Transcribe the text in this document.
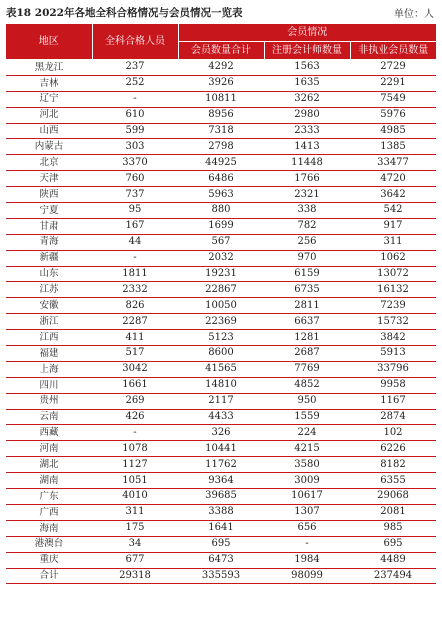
表18 2022年各地全科合格情况与会员情况一览表	单位：人
地区	全科合格人员	会员情况		
		会员数量合计	注册会计师数量	非执业会员数量
黑龙江	237	4292	1563	2729
吉林	252	3926	1635	2291
辽宁	-	10811	3262	7549
河北	610	8956	2980	5976
山西	599	7318	2333	4985
内蒙古	303	2798	1413	1385
北京	3370	44925	11448	33477
天津	760	6486	1766	4720
陕西	737	5963	2321	3642
宁夏	95	880	338	542
甘肃	167	1699	782	917
青海	44	567	256	311
新疆	-	2032	970	1062
山东	1811	19231	6159	13072
江苏	2332	22867	6735	16132
安徽	826	10050	2811	7239
浙江	2287	22369	6637	15732
江西	411	5123	1281	3842
福建	517	8600	2687	5913
上海	3042	41565	7769	33796
四川	1661	14810	4852	9958
贵州	269	2117	950	1167
云南	426	4433	1559	2874
西藏	-	326	224	102
河南	1078	10441	4215	6226
湖北	1127	11762	3580	8182
湖南	1051	9364	3009	6355
广东	4010	39685	10617	29068
广西	311	3388	1307	2081
海南	175	1641	656	985
港澳台	34	695	-	695
重庆	677	6473	1984	4489
合计	29318	335593	98099	237494
